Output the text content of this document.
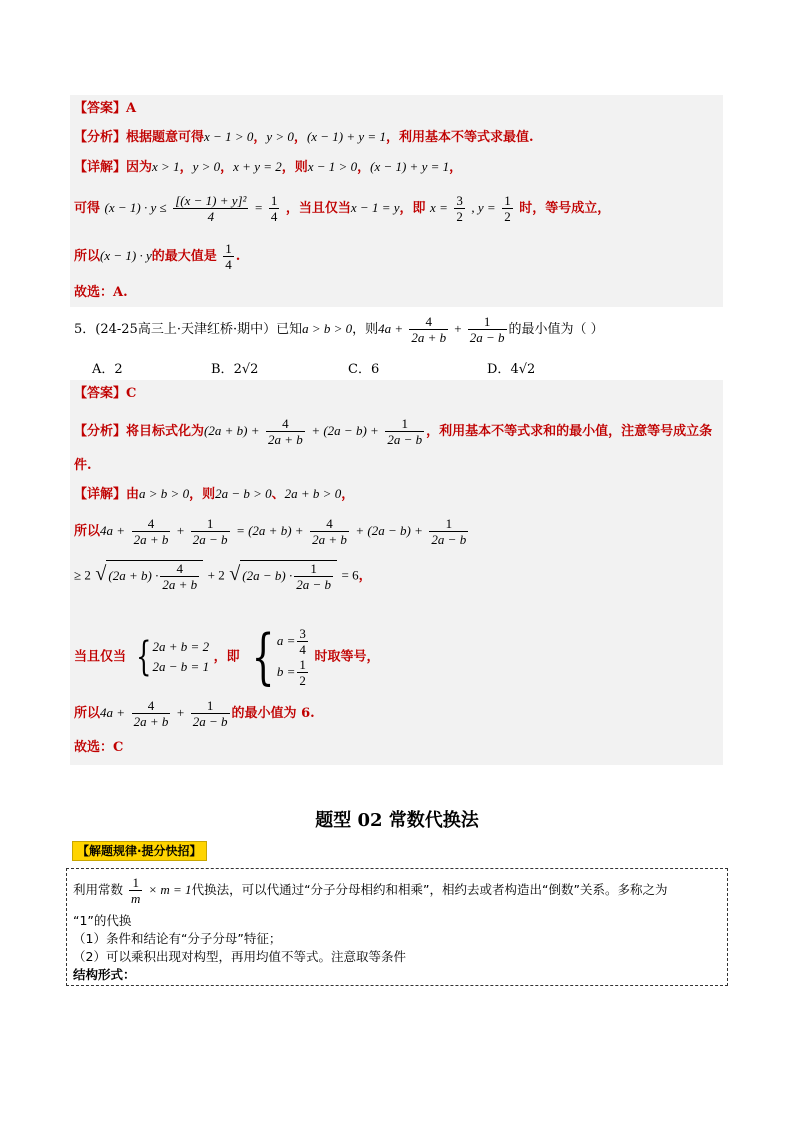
【答案】A
【分析】根据题意可得x − 1 > 0，y > 0，(x − 1) + y = 1，利用基本不等式求最值.
【详解】因为x > 1，y > 0，x + y = 2，则x − 1 > 0，(x − 1) + y = 1，
可得 $(x - 1) \cdot y \le \frac{\text{[(x − 1) + y]²}}{4} = \frac{1}{4}$ ，当且仅当x − 1 = y，即 $x = \frac{3}{2}$ , $y = \frac{1}{2}$ 时，等号成立，
所以(x − 1) · y的最大值是 $\frac{1}{4}$ .
故选：A.
5．(24-25高三上·天津红桥·期中）已知a > b > 0，则$4a + \frac{4}{2a + b} + \frac{1}{2a - b}$ 的最小值为（ ）
A．2	B．2√2	C．6	D．4√2
【答案】C
【分析】将目标式化为$(2a + b) + \frac{4}{2a + b} + (2a - b) + \frac{1}{2a - b}$ ，利用基本不等式求和的最小值，注意等号成立条
件.
【详解】由a > b > 0，则2a − b > 0、2a + b > 0，
所以$4a + \frac{4}{2a + b} + \frac{1}{2a - b} = (2a + b) + \frac{4}{2a + b} + (2a - b) + \frac{1}{2a - b}$
≥ 2 √ $(2a + b) \cdot \frac{4}{2a + b} + 2$ √ $(2a - b) \cdot \frac{1}{2a - b} = 6$，
当且仅当 { 2a + b = 2
2a − b = 1
，即 { $a = \frac{3}{4}$
$b = \frac{1}{2}$ 时取等号，
所以$4a + \frac{4}{2a + b} + \frac{1}{2a - b}$ 的最小值为 6.
故选：C
题型 02 常数代换法
【解题规律·提分快招】
利用常数 $\frac{1}{m} \times m = 1$代换法，可以代通过“分子分母相约和相乘”，相约去或者构造出“倒数”关系。多称之为
“1”的代换
（1）条件和结论有“分子分母”特征；
（2）可以乘积出现对构型，再用均值不等式。注意取等条件
结构形式：
